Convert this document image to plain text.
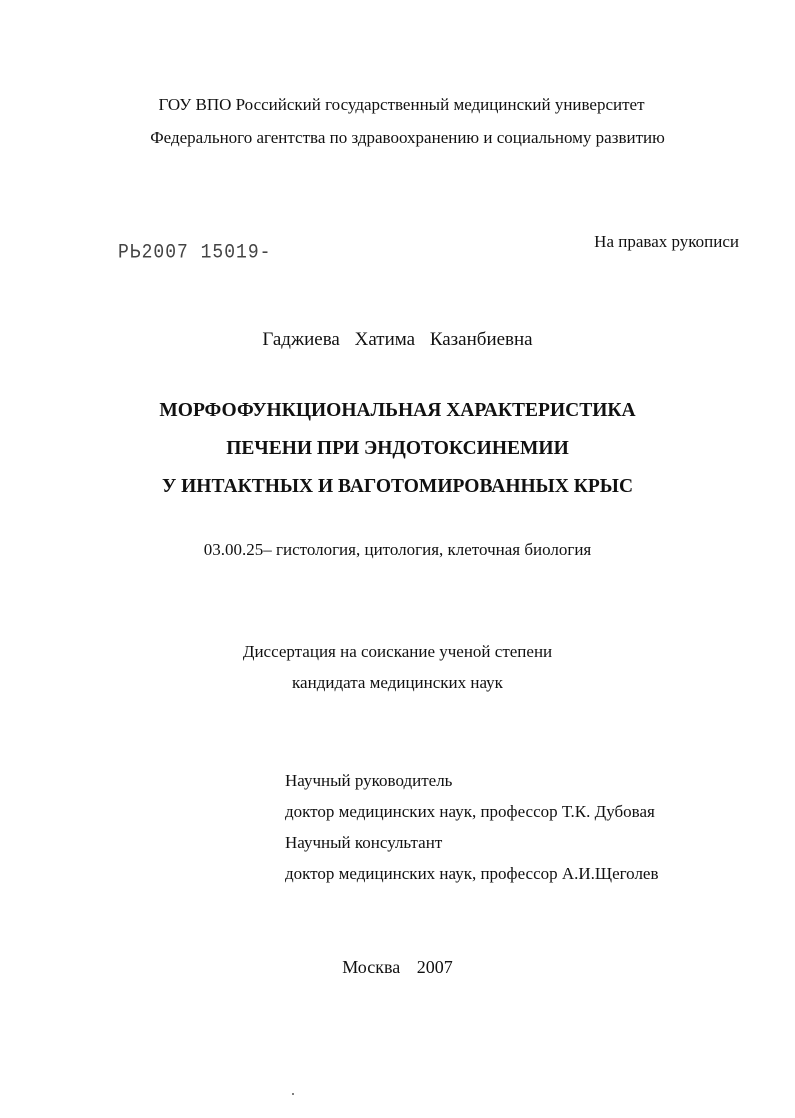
ГОУ ВПО Российский государственный медицинский университет
Федерального агентства по здравоохранению и социальному развитию
РЬ2007 15019-	На правах рукописи
Гаджиева Хатима Казанбиевна
МОРФОФУНКЦИОНАЛЬНАЯ ХАРАКТЕРИСТИКА
ПЕЧЕНИ ПРИ ЭНДОТОКСИНЕМИИ
У ИНТАКТНЫХ И ВАГОТОМИРОВАННЫХ КРЫС
03.00.25– гистология, цитология, клеточная биология
Диссертация на соискание ученой степени
кандидата медицинских наук
Научный руководитель
доктор медицинских наук, профессор Т.К. Дубовая
Научный консультант
доктор медицинских наук, профессор А.И.Щеголев
Москва 2007
